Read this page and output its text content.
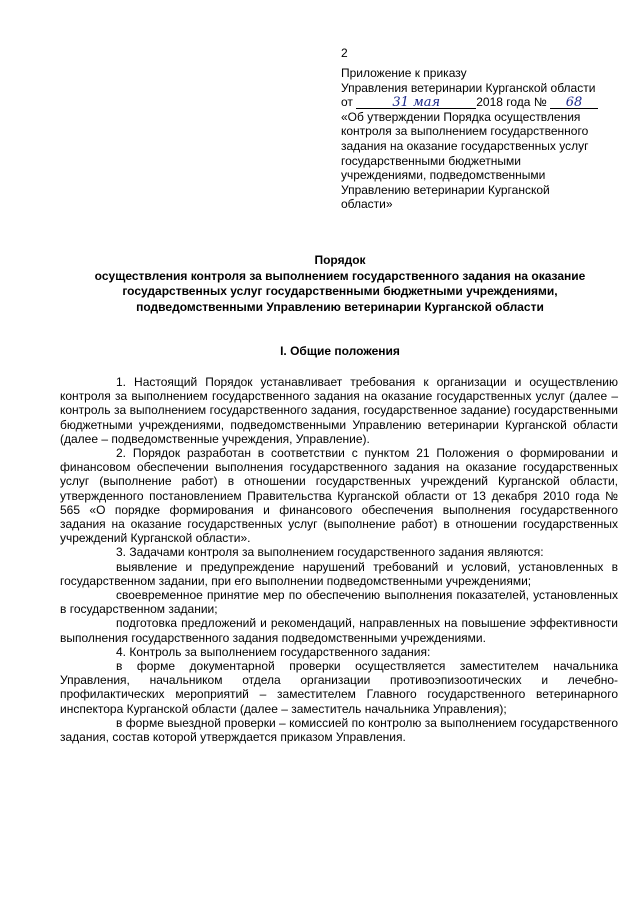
2
Приложение к приказу
Управления ветеринарии Курганской области
от	31 мая	2018 года № 68
«Об утверждении Порядка осуществления
контроля за выполнением государственного
задания на оказание государственных услуг
государственными бюджетными
учреждениями, подведомственными
Управлению ветеринарии Курганской
области»
Порядок
осуществления контроля за выполнением государственного задания на оказание
государственных услуг государственными бюджетными учреждениями,
подведомственными Управлению ветеринарии Курганской области
I. Общие положения

1. Настоящий Порядок устанавливает требования к организации и осуществлению контроля за выполнением государственного задания на оказание государственных услуг (далее – контроль за выполнением государственного задания, государственное задание) государственными бюджетными учреждениями, подведомственными Управлению ветеринарии Курганской области (далее – подведомственные учреждения, Управление).

2. Порядок разработан в соответствии с пунктом 21 Положения о формировании и финансовом обеспечении выполнения государственного задания на оказание государственных услуг (выполнение работ) в отношении государственных учреждений Курганской области, утвержденного постановлением Правительства Курганской области от 13 декабря 2010 года № 565 «О порядке формирования и финансового обеспечения выполнения государственного задания на оказание государственных услуг (выполнение работ) в отношении государственных учреждений Курганской области».

3. Задачами контроля за выполнением государственного задания являются:

выявление и предупреждение нарушений требований и условий, установленных в государственном задании, при его выполнении подведомственными учреждениями;

своевременное принятие мер по обеспечению выполнения показателей, установленных в государственном задании;

подготовка предложений и рекомендаций, направленных на повышение эффективности выполнения государственного задания подведомственными учреждениями.

4. Контроль за выполнением государственного задания:

в форме документарной проверки осуществляется заместителем начальника Управления, начальником отдела организации противоэпизоотических и лечебно-профилактических мероприятий – заместителем Главного государственного ветеринарного инспектора Курганской области (далее – заместитель начальника Управления);

в форме выездной проверки – комиссией по контролю за выполнением государственного задания, состав которой утверждается приказом Управления.
